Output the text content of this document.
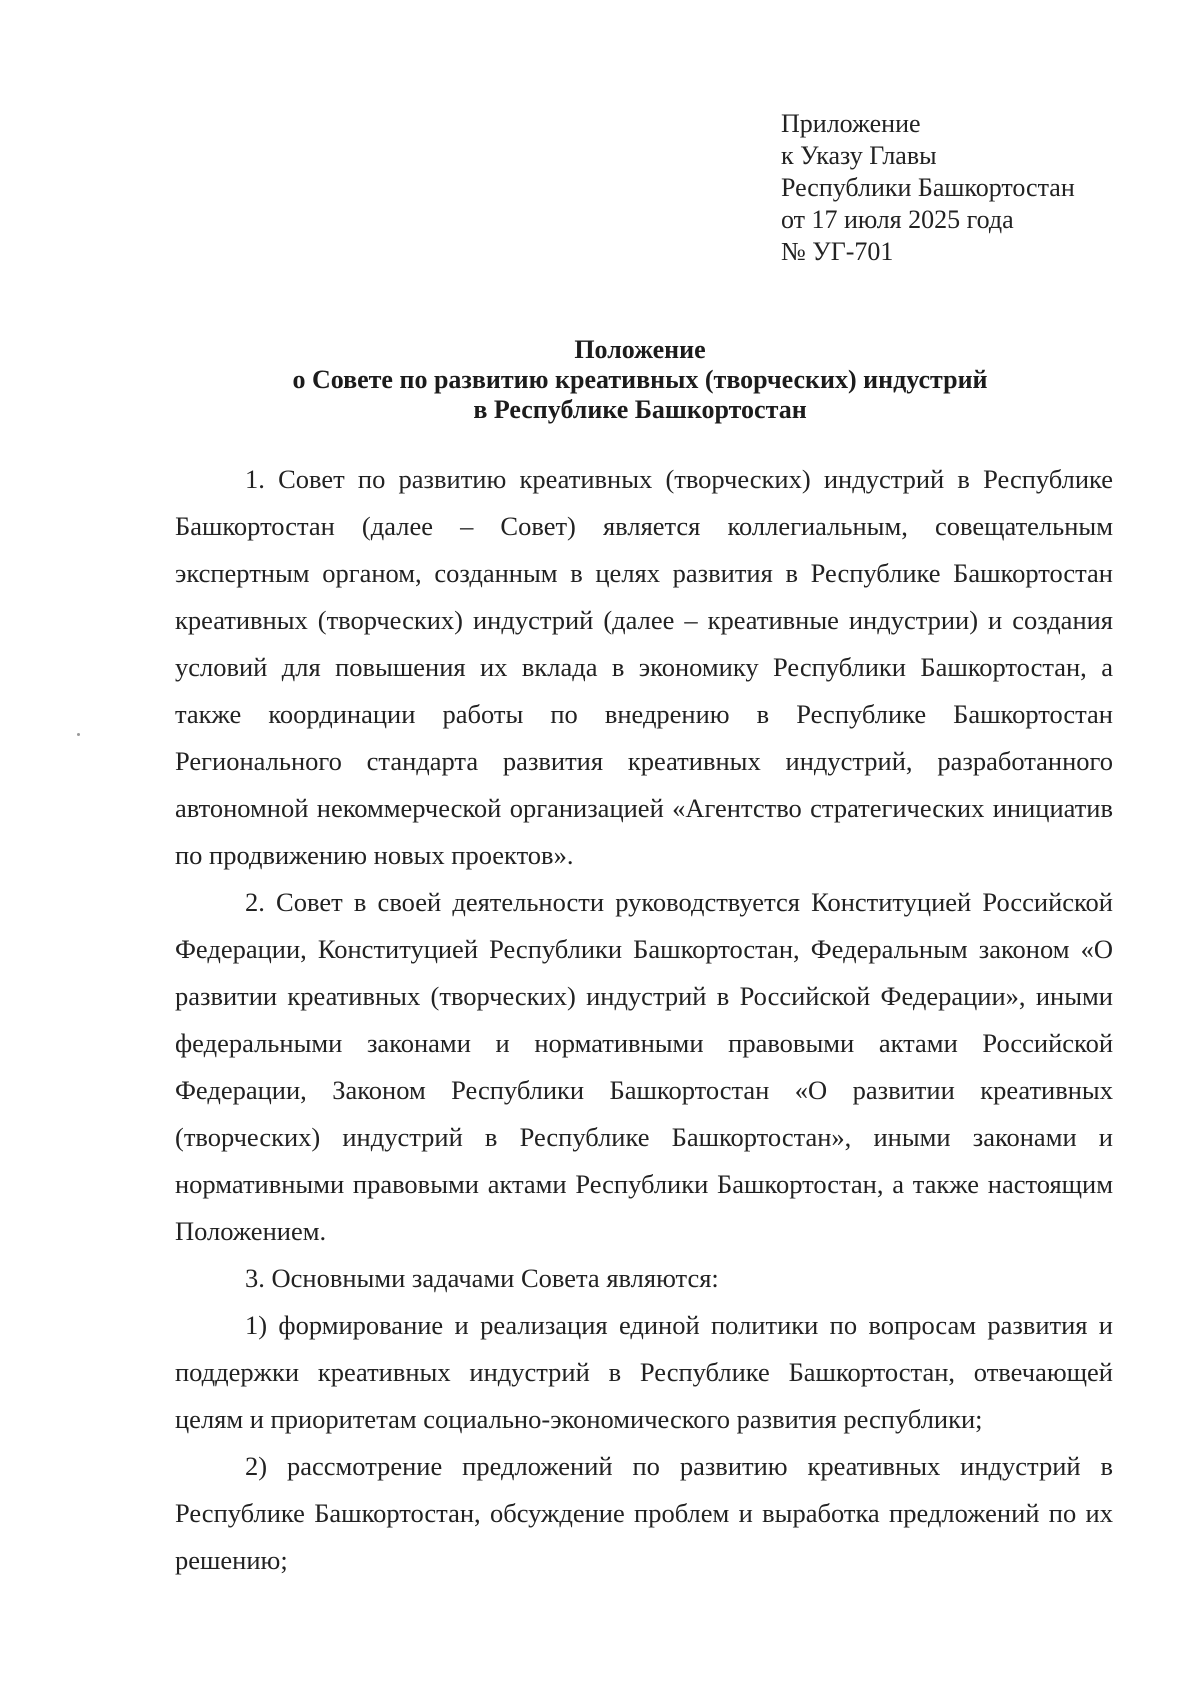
Приложение
к Указу Главы
Республики Башкортостан
от 17 июля 2025 года
№ УГ-701
Положение
о Совете по развитию креативных (творческих) индустрий
в Республике Башкортостан

1. Совет по развитию креативных (творческих) индустрий в Республике Башкортостан (далее – Совет) является коллегиальным, совещательным экспертным органом, созданным в целях развития в Республике Башкортостан креативных (творческих) индустрий (далее – креативные индустрии) и создания условий для повышения их вклада в экономику Республики Башкортостан, а также координации работы по внедрению в Республике Башкортостан Регионального стандарта развития креативных индустрий, разработанного автономной некоммерческой организацией «Агентство стратегических инициатив по продвижению новых проектов».

2. Совет в своей деятельности руководствуется Конституцией Российской Федерации, Конституцией Республики Башкортостан, Федеральным законом «О развитии креативных (творческих) индустрий в Российской Федерации», иными федеральными законами и нормативными правовыми актами Российской Федерации, Законом Республики Башкортостан «О развитии креативных (творческих) индустрий в Республике Башкортостан», иными законами и нормативными правовыми актами Республики Башкортостан, а также настоящим Положением.

3. Основными задачами Совета являются:

1) формирование и реализация единой политики по вопросам развития и поддержки креативных индустрий в Республике Башкортостан, отвечающей целям и приоритетам социально-экономического развития республики;

2) рассмотрение предложений по развитию креативных индустрий в Республике Башкортостан, обсуждение проблем и выработка предложений по их решению;
